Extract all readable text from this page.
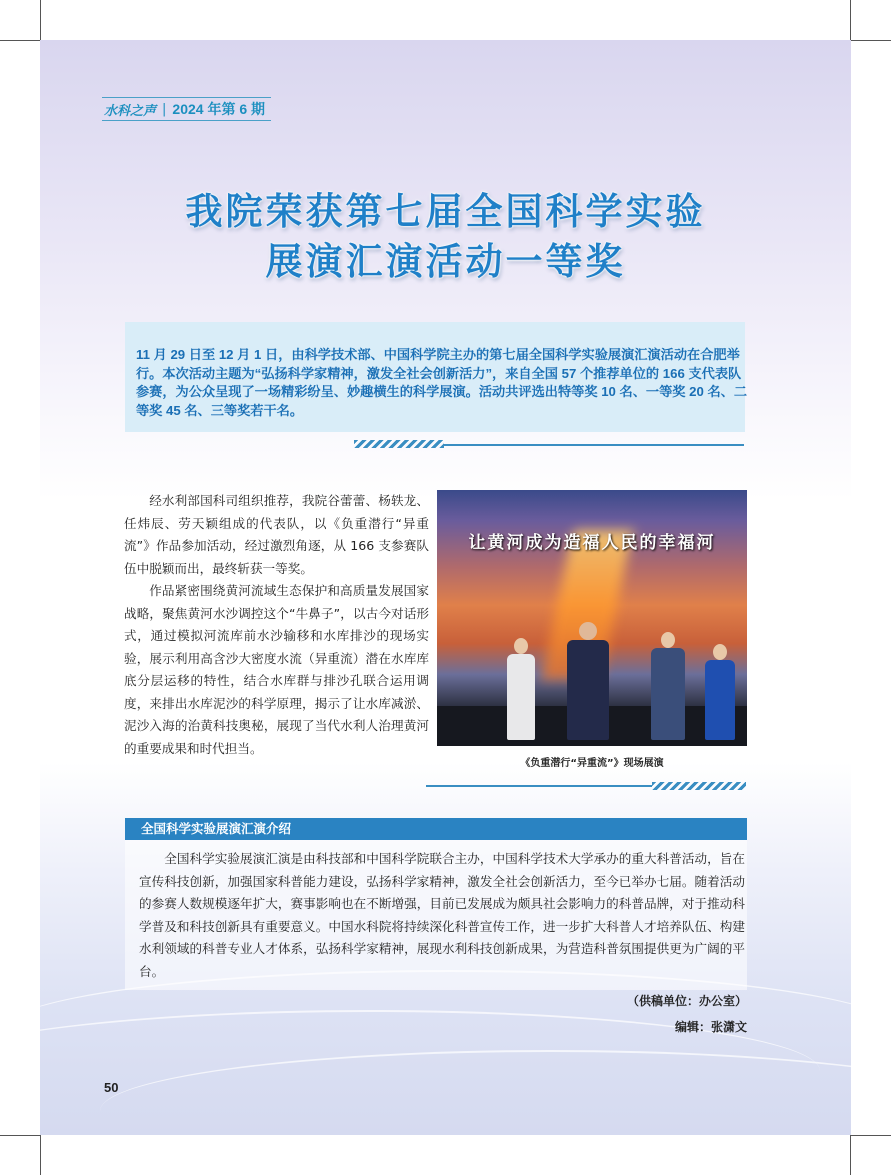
水科之声 | 2024 年第 6 期
我院荣获第七届全国科学实验
展演汇演活动一等奖

11 月 29 日至 12 月 1 日，由科学技术部、中国科学院主办的第七届全国科学实验展演汇演活动在合肥举行。本次活动主题为“弘扬科学家精神，激发全社会创新活力”，来自全国 57 个推荐单位的 166 支代表队参赛，为公众呈现了一场精彩纷呈、妙趣横生的科学展演。活动共评选出特等奖 10 名、一等奖 20 名、二等奖 45 名、三等奖若干名。

经水利部国科司组织推荐，我院谷蕾蕾、杨轶龙、任炜辰、劳天颖组成的代表队，以《负重潜行“异重流”》作品参加活动，经过激烈角逐，从 166 支参赛队伍中脱颖而出，最终斩获一等奖。

作品紧密围绕黄河流域生态保护和高质量发展国家战略，聚焦黄河水沙调控这个“牛鼻子”，以古今对话形式，通过模拟河流库前水沙输移和水库排沙的现场实验，展示利用高含沙大密度水流（异重流）潜在水库库底分层运移的特性，结合水库群与排沙孔联合运用调度，来排出水库泥沙的科学原理，揭示了让水库减淤、泥沙入海的治黄科技奥秘，展现了当代水利人治理黄河的重要成果和时代担当。

让黄河成为造福人民的幸福河

《负重潜行“异重流”》现场展演

全国科学实验展演汇演介绍

全国科学实验展演汇演是由科技部和中国科学院联合主办，中国科学技术大学承办的重大科普活动，旨在宣传科技创新，加强国家科普能力建设，弘扬科学家精神，激发全社会创新活力，至今已举办七届。随着活动的参赛人数规模逐年扩大，赛事影响也在不断增强，目前已发展成为颇具社会影响力的科普品牌，对于推动科学普及和科技创新具有重要意义。中国水科院将持续深化科普宣传工作，进一步扩大科普人才培养队伍、构建水利领域的科普专业人才体系，弘扬科学家精神，展现水利科技创新成果，为营造科普氛围提供更为广阔的平台。

（供稿单位：办公室）
编辑：张潇文
50
